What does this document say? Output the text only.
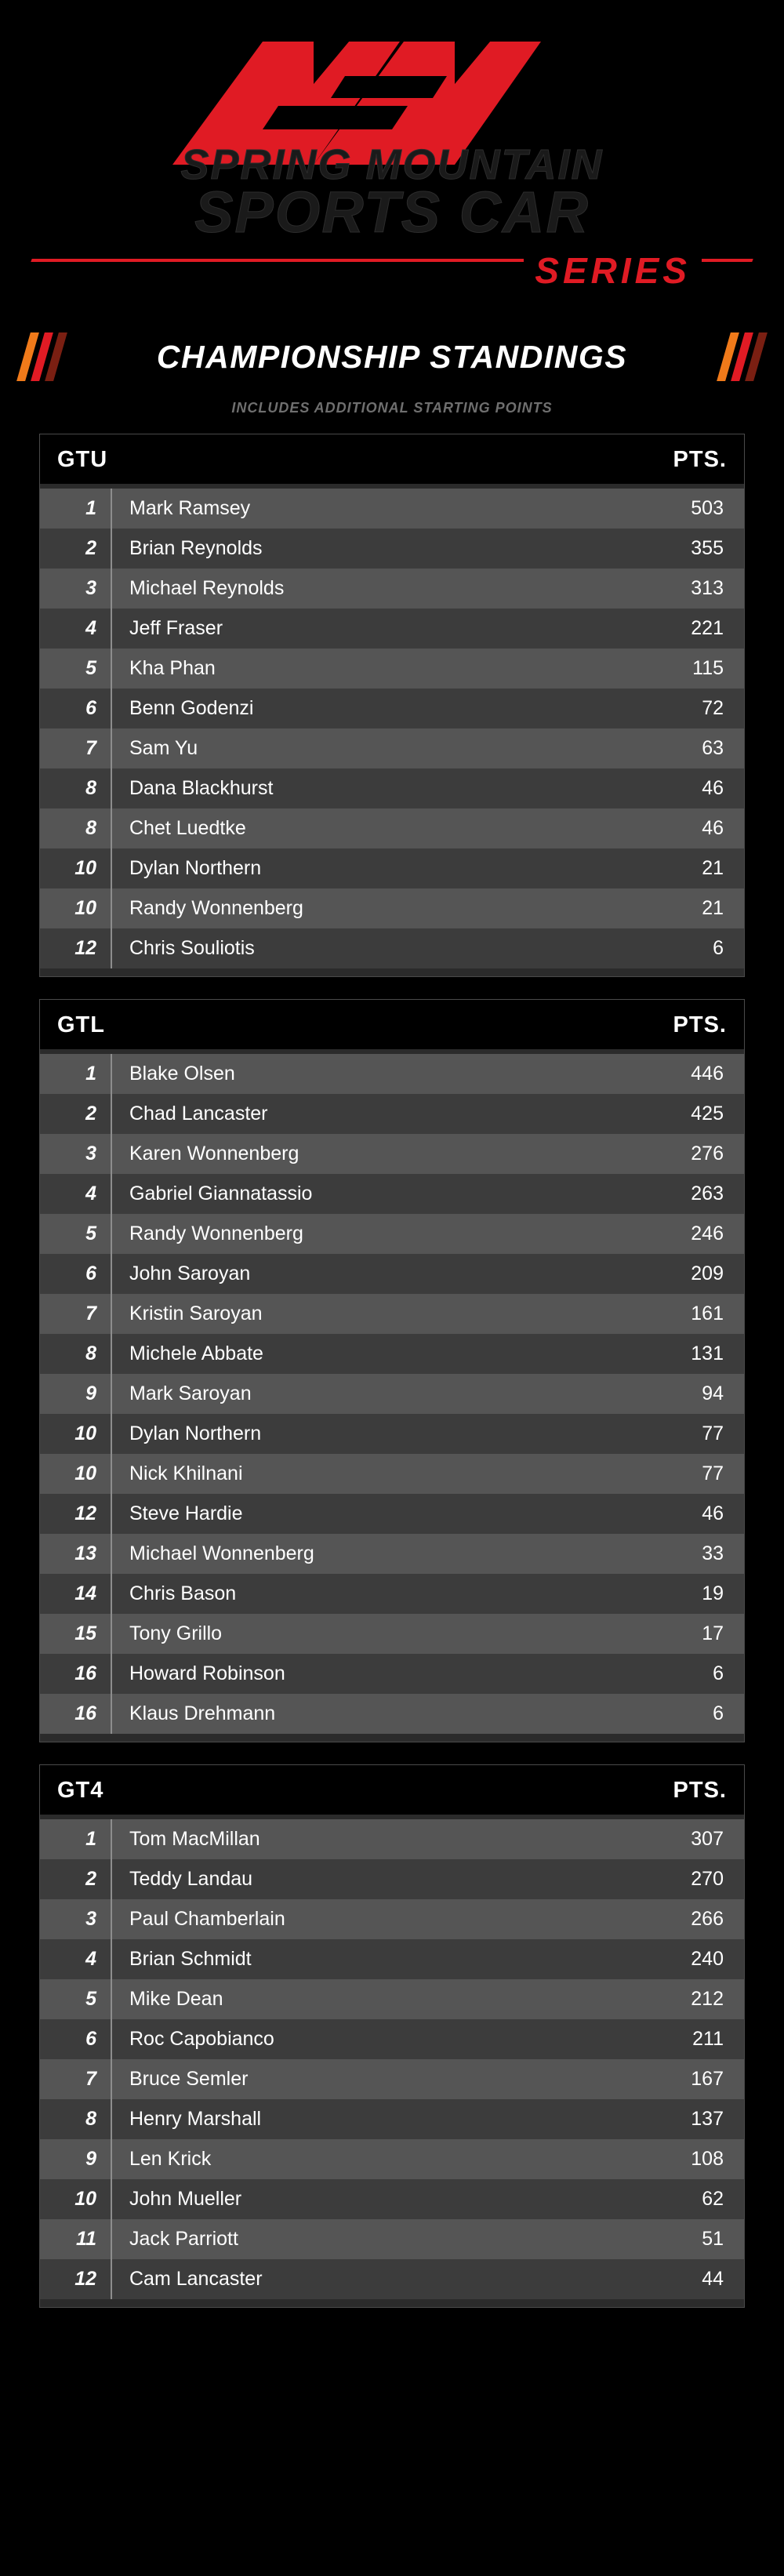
SPRING MOUNTAIN
SPORTS CAR
SERIES
CHAMPIONSHIP STANDINGS
INCLUDES ADDITIONAL STARTING POINTS
GTU	PTS.
1	Mark Ramsey	503
2	Brian Reynolds	355
3	Michael Reynolds	313
4	Jeff Fraser	221
5	Kha Phan	115
6	Benn Godenzi	72
7	Sam Yu	63
8	Dana Blackhurst	46
8	Chet Luedtke	46
10	Dylan Northern	21
10	Randy Wonnenberg	21
12	Chris Souliotis	6
GTL	PTS.
1	Blake Olsen	446
2	Chad Lancaster	425
3	Karen Wonnenberg	276
4	Gabriel Giannatassio	263
5	Randy Wonnenberg	246
6	John Saroyan	209
7	Kristin Saroyan	161
8	Michele Abbate	131
9	Mark Saroyan	94
10	Dylan Northern	77
10	Nick Khilnani	77
12	Steve Hardie	46
13	Michael Wonnenberg	33
14	Chris Bason	19
15	Tony Grillo	17
16	Howard Robinson	6
16	Klaus Drehmann	6
GT4	PTS.
1	Tom MacMillan	307
2	Teddy Landau	270
3	Paul Chamberlain	266
4	Brian Schmidt	240
5	Mike Dean	212
6	Roc Capobianco	211
7	Bruce Semler	167
8	Henry Marshall	137
9	Len Krick	108
10	John Mueller	62
11	Jack Parriott	51
12	Cam Lancaster	44
